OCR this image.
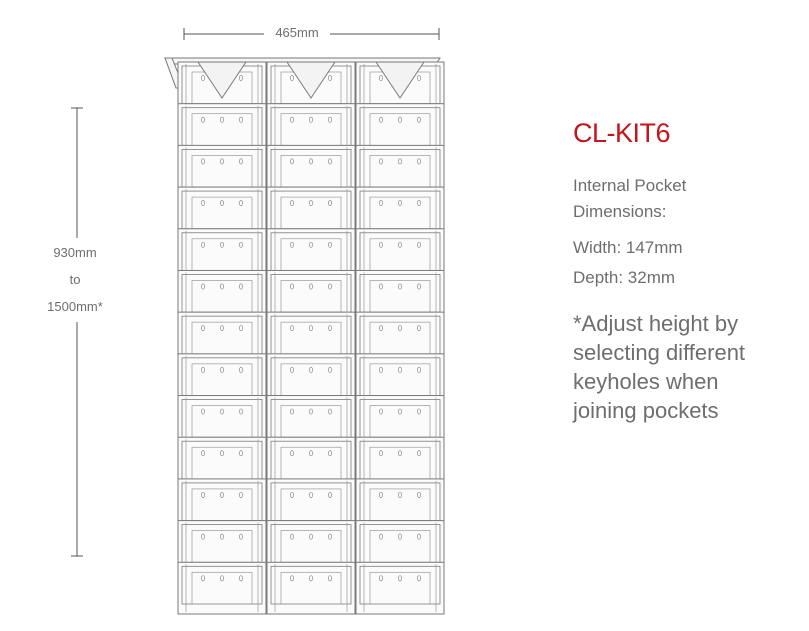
465mm
930mm
to
1500mm*
CL-KIT6
Internal Pocket
Dimensions:
Width: 147mm
Depth: 32mm
*Adjust height by
selecting different
keyholes when
joining pockets
